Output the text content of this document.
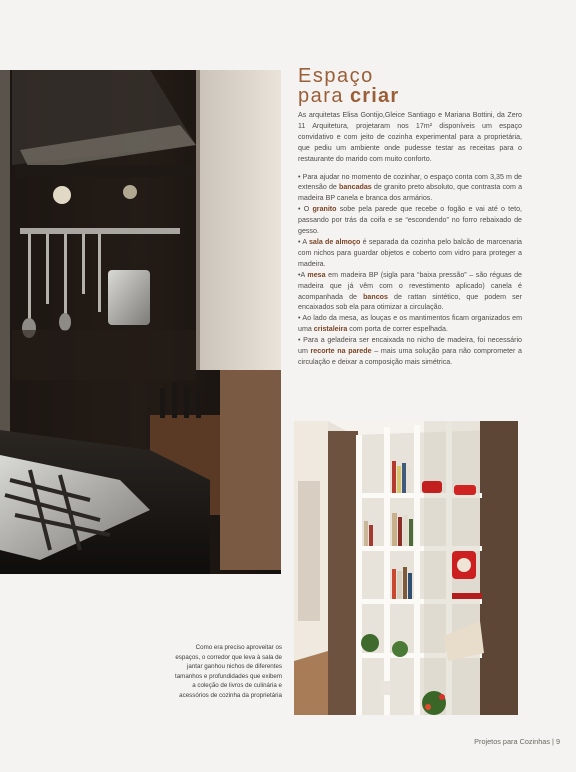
Espaço
para criar

As arquitetas Elisa Gontijo,Gleice Santiago e Mariana Bottini, da Zero 11 Arquitetura, projetaram nos 17m² disponíveis um espaço convidativo e com jeito de cozinha experimental para a proprietária, que pediu um ambiente onde pudesse testar as receitas para o restaurante do marido com muito conforto.

• Para ajudar no momento de cozinhar, o espaço conta com 3,35 m de extensão de bancadas de granito preto absoluto, que contrasta com a madeira BP canela e branca dos armários.

• O granito sobe pela parede que recebe o fogão e vai até o teto, passando por trás da coifa e se “escondendo” no forro rebaixado de gesso.

• A sala de almoço é separada da cozinha pelo balcão de marcenaria com nichos para guardar objetos e coberto com vidro para proteger a madeira.

•A mesa em madeira BP (sigla para “baixa pressão” – são réguas de madeira que já vêm com o revestimento aplicado) canela é acompanhada de bancos de rattan sintético, que podem ser encaixados sob ela para otimizar a circulação.

• Ao lado da mesa, as louças e os mantimentos ficam organizados em uma cristaleira com porta de correr espelhada.

• Para a geladeira ser encaixada no nicho de madeira, foi necessário um recorte na parede – mais uma solução para não comprometer a circulação e deixar a composição mais simétrica.

Como era preciso aproveitar os espaços, o corredor que leva à sala de jantar ganhou nichos de diferentes tamanhos e profundidades que exibem a coleção de livros de culinária e acessórios de cozinha da proprietária
Projetos para Cozinhas | 9
